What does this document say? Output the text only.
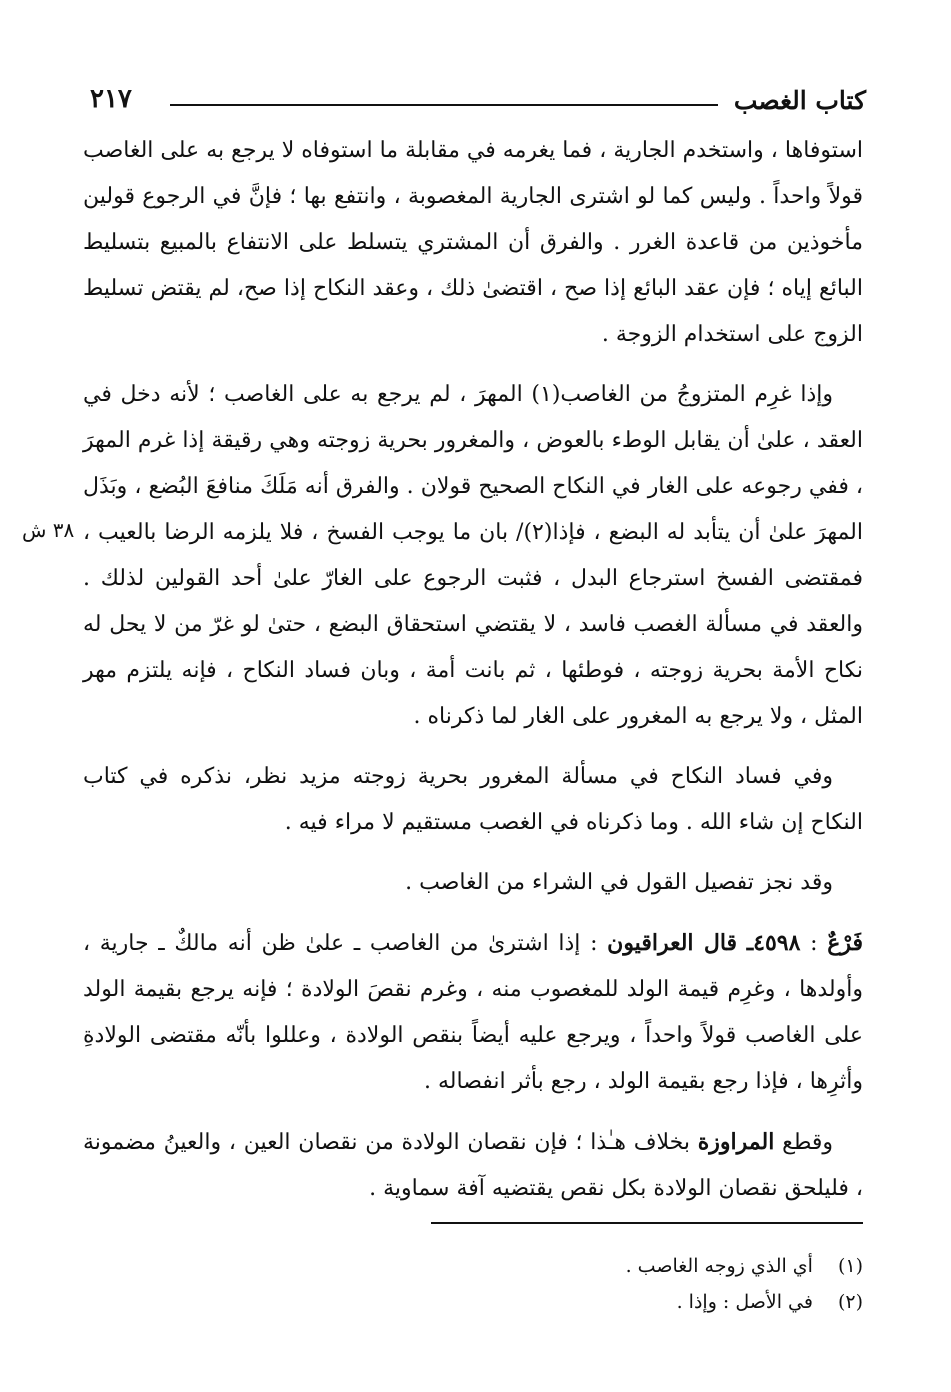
كتاب الغصب
٢١٧
٣٨ ش

استوفاها ، واستخدم الجارية ، فما يغرمه في مقابلة ما استوفاه لا يرجع به على الغاصب قولاً واحداً . وليس كما لو اشترى الجارية المغصوبة ، وانتفع بها ؛ فإنَّ في الرجوع قولين مأخوذين من قاعدة الغرر . والفرق أن المشتري يتسلط على الانتفاع بالمبيع بتسليط البائع إياه ؛ فإن عقد البائع إذا صح ، اقتضىٰ ذلك ، وعقد النكاح إذا صح، لم يقتض تسليط الزوج على استخدام الزوجة .

وإذا غرِم المتزوجُ من الغاصب(١) المهرَ ، لم يرجع به على الغاصب ؛ لأنه دخل في العقد ، علىٰ أن يقابل الوطء بالعوض ، والمغرور بحرية زوجته وهي رقيقة إذا غرم المهرَ ، ففي رجوعه على الغار في النكاح الصحيح قولان . والفرق أنه مَلَكَ منافعَ البُضع ، وبَذَل المهرَ علىٰ أن يتأبد له البضع ، فإذا(٢)/ بان ما يوجب الفسخ ، فلا يلزمه الرضا بالعيب ، فمقتضى الفسخ استرجاع البدل ، فثبت الرجوع على الغارّ علىٰ أحد القولين لذلك . والعقد في مسألة الغصب فاسد ، لا يقتضي استحقاق البضع ، حتىٰ لو غرّ من لا يحل له نكاح الأمة بحرية زوجته ، فوطئها ، ثم بانت أمة ، وبان فساد النكاح ، فإنه يلتزم مهر المثل ، ولا يرجع به المغرور على الغار لما ذكرناه .

وفي فساد النكاح في مسألة المغرور بحرية زوجته مزيد نظر، نذكره في كتاب النكاح إن شاء الله . وما ذكرناه في الغصب مستقيم لا مراء فيه .

وقد نجز تفصيل القول في الشراء من الغاصب .

فَرْعٌ : ٤٥٩٨ـ قال العراقيون : إذا اشترىٰ من الغاصب ـ علىٰ ظن أنه مالكٌ ـ جارية ، وأولدها ، وغرِم قيمة الولد للمغصوب منه ، وغرم نقصَ الولادة ؛ فإنه يرجع بقيمة الولد على الغاصب قولاً واحداً ، ويرجع عليه أيضاً بنقص الولادة ، وعللوا بأنّه مقتضى الولادةِ وأثرِها ، فإذا رجع بقيمة الولد ، رجع بأثر انفصاله .

وقطع المراوزة بخلاف هـٰذا ؛ فإن نقصان الولادة من نقصان العين ، والعينُ مضمونة ، فليلحق نقصان الولادة بكل نقص يقتضيه آفة سماوية .

(١) أي الذي زوجه الغاصب .
(٢) في الأصل : وإذا .
